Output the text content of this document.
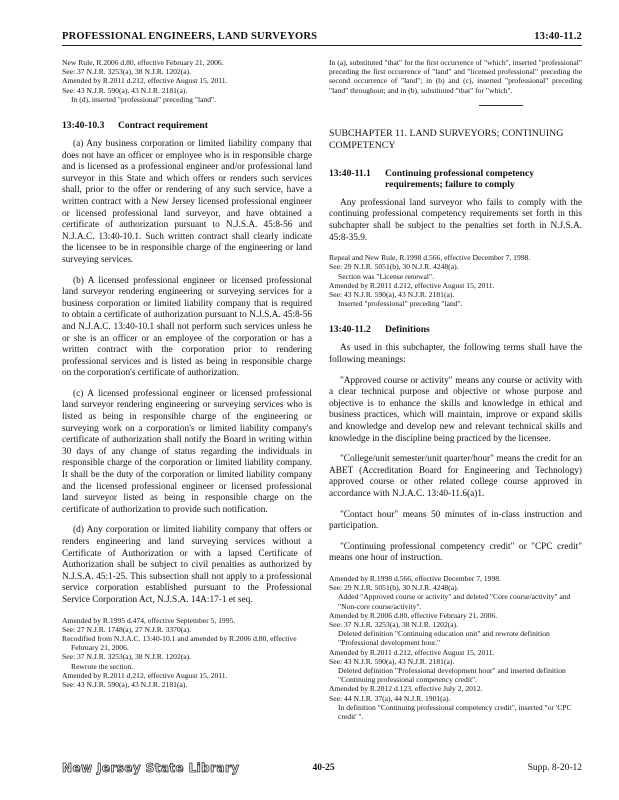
PROFESSIONAL ENGINEERS, LAND SURVEYORS	13:40-11.2

New Rule, R.2006 d.80, effective February 21, 2006.

See: 37 N.J.R. 3253(a), 38 N.J.R. 1202(a).

Amended by R.2011 d.212, effective August 15, 2011.

See: 43 N.J.R. 590(a), 43 N.J.R. 2181(a).

In (d), inserted "professional" preceding "land".

13:40-10.3	Contract requirement

(a) Any business corporation or limited liability company that does not have an officer or employee who is in responsible charge and is licensed as a professional engineer and/or professional land surveyor in this State and which offers or renders such services shall, prior to the offer or rendering of any such service, have a written contract with a New Jersey licensed professional engineer or licensed professional land surveyor, and have obtained a certificate of authorization pursuant to N.J.S.A. 45:8-56 and N.J.A.C. 13:40-10.1. Such written contract shall clearly indicate the licensee to be in responsible charge of the engineering or land surveying services.

(b) A licensed professional engineer or licensed professional land surveyor rendering engineering or surveying services for a business corporation or limited liability company that is required to obtain a certificate of authorization pursuant to N.J.S.A. 45:8-56 and N.J.A.C. 13:40-10.1 shall not perform such services unless he or she is an officer or an employee of the corporation or has a written contract with the corporation prior to rendering professional services and is listed as being in responsible charge on the corporation's certificate of authorization.

(c) A licensed professional engineer or licensed professional land surveyor rendering engineering or surveying services who is listed as being in responsible charge of the engineering or surveying work on a corporation's or limited liability company's certificate of authorization shall notify the Board in writing within 30 days of any change of status regarding the individuals in responsible charge of the corporation or limited liability company. It shall be the duty of the corporation or limited liability company and the licensed professional engineer or licensed professional land surveyor listed as being in responsible charge on the certificate of authorization to provide such notification.

(d) Any corporation or limited liability company that offers or renders engineering and land surveying services without a Certificate of Authorization or with a lapsed Certificate of Authorization shall be subject to civil penalties as authorized by N.J.S.A. 45:1-25. This subsection shall not apply to a professional service corporation established pursuant to the Professional Service Corporation Act, N.J.S.A. 14A:17-1 et seq.

Amended by R.1995 d.474, effective September 5, 1995.

See: 27 N.J.R. 1748(a), 27 N.J.R. 3370(a).

Recodified from N.J.A.C. 13:40-10.1 and amended by R.2006 d.80, effective February 21, 2006.

See: 37 N.J.R. 3253(a), 38 N.J.R. 1202(a).

Rewrote the section.

Amended by R.2011 d.212, effective August 15, 2011.

See: 43 N.J.R. 590(a), 43 N.J.R. 2181(a).

In (a), substituted "that" for the first occurrence of "which", inserted "professional" preceding the first occurrence of "land" and "licensed professional" preceding the second occurrence of "land"; in (b) and (c), inserted "professional" preceding "land" throughout; and in (b), substituted "that" for "which".

SUBCHAPTER 11. LAND SURVEYORS; CONTINUING COMPETENCY
13:40-11.1	Continuing professional competency requirements; failure to comply

Any professional land surveyor who fails to comply with the continuing professional competency requirements set forth in this subchapter shall be subject to the penalties set forth in N.J.S.A. 45:8-35.9.

Repeal and New Rule, R.1998 d.566, effective December 7, 1998.

See: 29 N.J.R. 5051(b), 30 N.J.R. 4248(a).

Section was "License renewal".

Amended by R.2011 d.212, effective August 15, 2011.

See: 43 N.J.R. 590(a), 43 N.J.R. 2181(a).

Inserted "professional" preceding "land".

13:40-11.2	Definitions

As used in this subchapter, the following terms shall have the following meanings:

"Approved course or activity" means any course or activity with a clear technical purpose and objective or whose purpose and objective is to enhance the skills and knowledge in ethical and business practices, which will maintain, improve or expand skills and knowledge and develop new and relevant technical skills and knowledge in the discipline being practiced by the licensee.

"College/unit semester/unit quarter/hour" means the credit for an ABET (Accreditation Board for Engineering and Technology) approved course or other related college course approved in accordance with N.J.A.C. 13:40-11.6(a)1.

"Contact hour" means 50 minutes of in-class instruction and participation.

"Continuing professional competency credit" or "CPC credit" means one hour of instruction.

Amended by R.1998 d.566, effective December 7, 1998.

See: 29 N.J.R. 5051(b), 30 N.J.R. 4248(a).

Added "Approved course or activity" and deleted "Core course/activity" and "Non-core course/activity".

Amended by R.2006 d.80, effective February 21, 2006.

See: 37 N.J.R. 3253(a), 38 N.J.R. 1202(a).

Deleted definition "Continuing education unit" and rewrote definition "Professional development hour."

Amended by R.2011 d.212, effective August 15, 2011.

See: 43 N.J.R. 590(a), 43 N.J.R. 2181(a).

Deleted definition "Professional development hour" and inserted definition "Continuing professional competency credit".

Amended by R.2012 d.123, effective July 2, 2012.

See: 44 N.J.R. 37(a), 44 N.J.R. 1901(a).

In definition "Continuing professional competency credit", inserted "or 'CPC credit' ".

New Jersey State Library	40-25	Supp. 8-20-12
